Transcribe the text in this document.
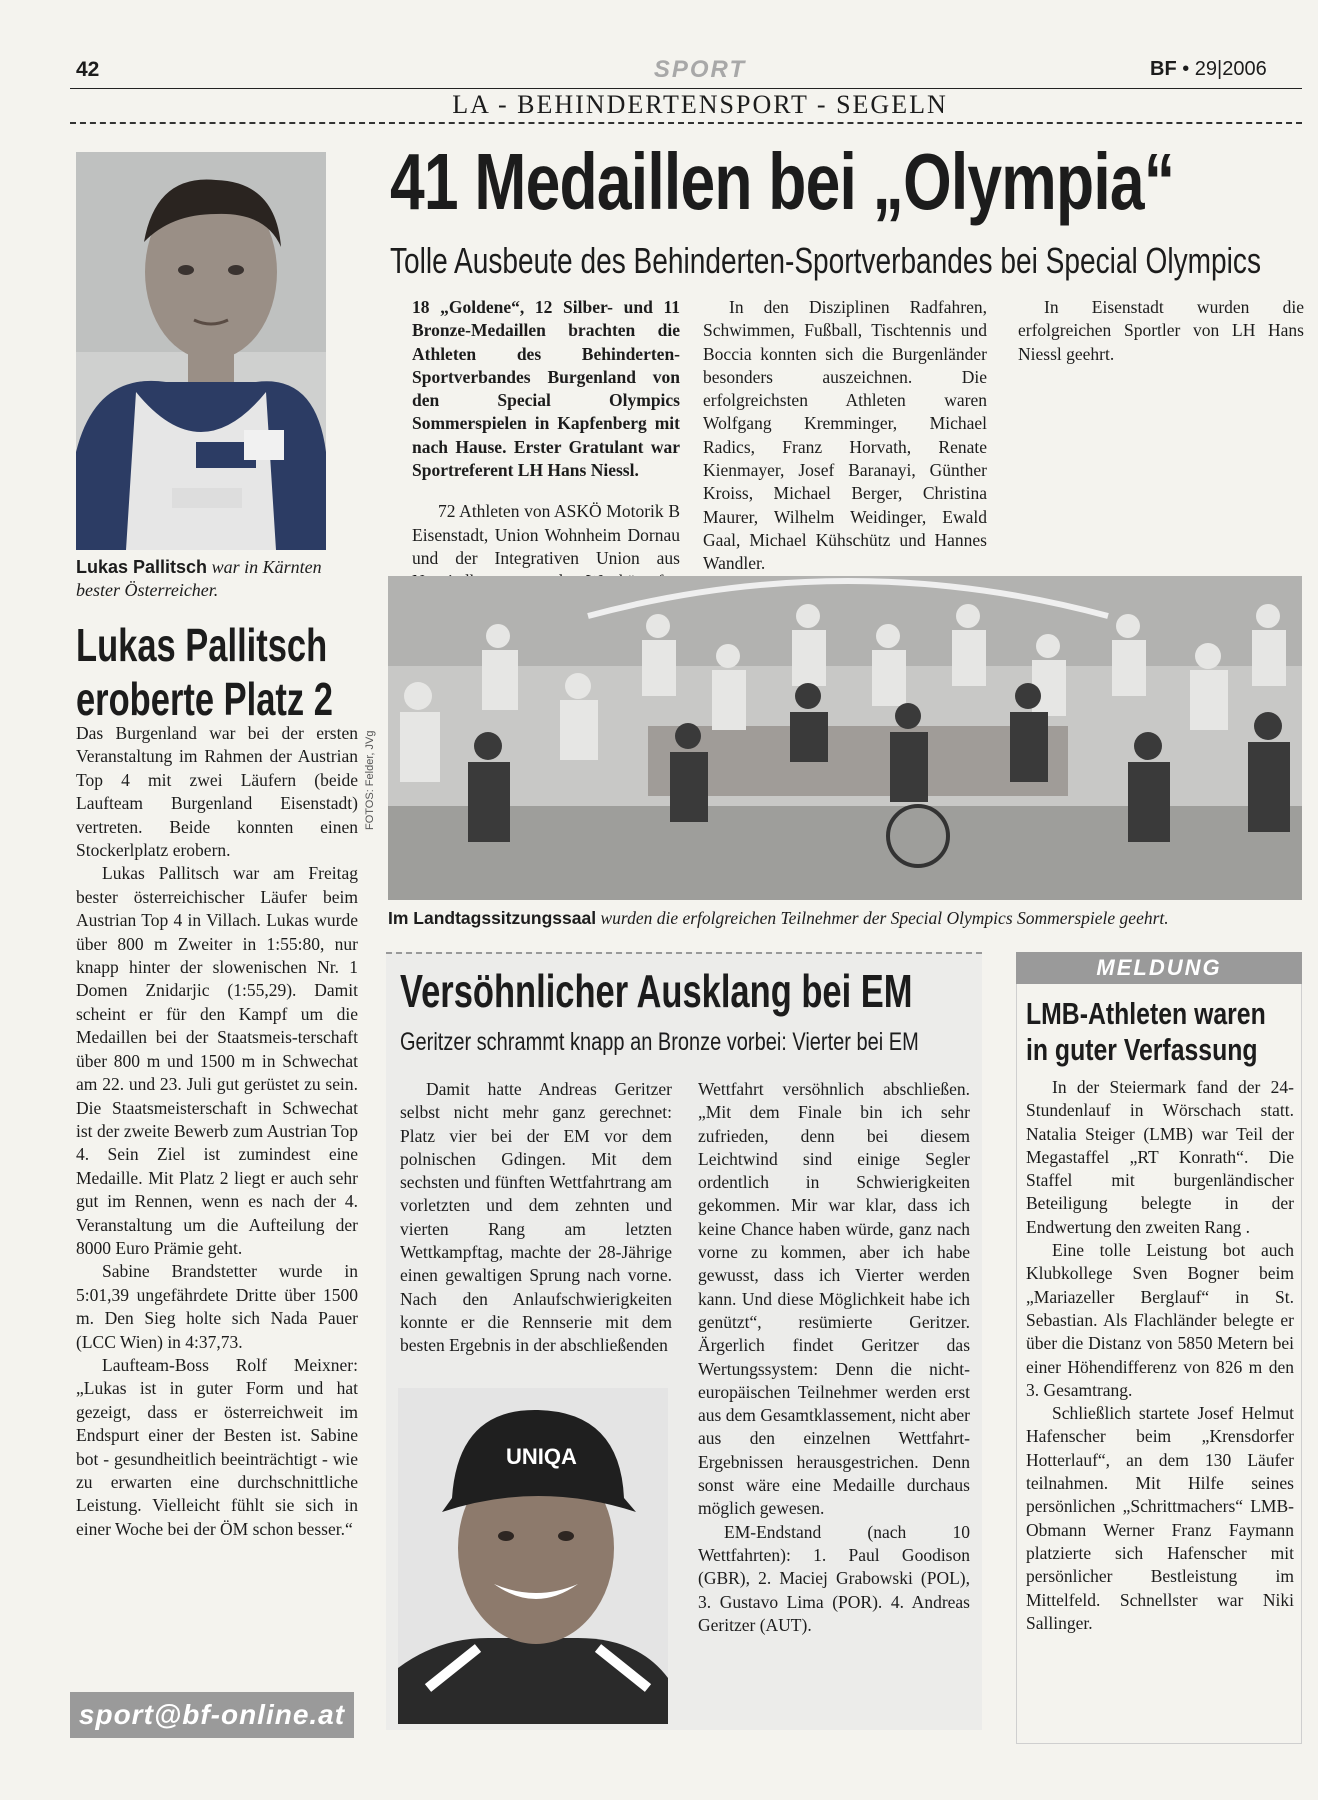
42	SPORT	BF • 29|2006
LA - BEHINDERTENSPORT - SEGELN
Lukas Pallitsch war in Kärnten bester Österreicher.
Lukas Pallitsch
eroberte Platz 2

Das Burgenland war bei der ersten Veranstaltung im Rahmen der Austrian Top 4 mit zwei Läufern (beide Laufteam Burgenland Eisenstadt) vertreten. Beide konnten einen Stockerlplatz erobern.

Lukas Pallitsch war am Freitag bester österreichischer Läufer beim Austrian Top 4 in Villach. Lukas wurde über 800 m Zweiter in 1:55:80, nur knapp hinter der slowenischen Nr. 1 Domen Znidarjic (1:55,29). Damit scheint er für den Kampf um die Medaillen bei der Staatsmeis-terschaft über 800 m und 1500 m in Schwechat am 22. und 23. Juli gut gerüstet zu sein. Die Staatsmeisterschaft in Schwechat ist der zweite Bewerb zum Austrian Top 4. Sein Ziel ist zumindest eine Medaille. Mit Platz 2 liegt er auch sehr gut im Rennen, wenn es nach der 4. Veranstaltung um die Aufteilung der 8000 Euro Prämie geht.

Sabine Brandstetter wurde in 5:01,39 ungefährdete Dritte über 1500 m. Den Sieg holte sich Nada Pauer (LCC Wien) in 4:37,73.

Laufteam-Boss Rolf Meixner: „Lukas ist in guter Form und hat gezeigt, dass er österreichweit im Endspurt einer der Besten ist. Sabine bot - gesundheitlich beeinträchtigt - wie zu erwarten eine durchschnittliche Leistung. Vielleicht fühlt sie sich in einer Woche bei der ÖM schon besser.“

sport@bf-online.at
41 Medaillen bei „Olympia“
Tolle Ausbeute des Behinderten-Sportverbandes bei Special Olympics

18 „Goldene“, 12 Silber- und 11 Bronze-Medaillen brachten die Athleten des Behinderten-Sportverbandes Burgenland von den Special Olympics Sommerspielen in Kapfenberg mit nach Hause. Erster Gratulant war Sportreferent LH Hans Niessl.

72 Athleten von ASKÖ Motorik B Eisenstadt, Union Wohnheim Dornau und der Integrativen Union aus

In den Disziplinen Radfahren, Schwimmen, Fußball, Tischtennis und Boccia konnten sich die Burgenländer besonders auszeichnen. Die erfolgreichsten Athleten waren Wolfgang Kremminger, Michael Radics, Franz Horvath, Renate Kienmayer, Josef Baranayi, Günther Kroiss, Michael Berger, Christina Maurer, Wilhelm Weidinger, Ewald Gaal, Michael Kühschütz und Hannes Wandler.

In Eisenstadt wurden die erfolgreichen Sportler von LH Hans Niessl geehrt.

FOTOS: Felder, JVg
Im Landtagssitzungssaal wurden die erfolgreichen Teilnehmer der Special Olympics Sommerspiele geehrt.
Versöhnlicher Ausklang bei EM
Geritzer schrammt knapp an Bronze vorbei: Vierter bei EM

Damit hatte Andreas Geritzer selbst nicht mehr ganz gerechnet: Platz vier bei der EM vor dem polnischen Gdingen. Mit dem sechsten und fünften Wettfahrtrang am vorletzten und dem zehnten und vierten Rang am letzten Wettkampftag, machte der 28-Jährige einen gewaltigen Sprung nach vorne. Nach den Anlaufschwierigkeiten konnte er die Rennserie mit dem besten Ergebnis in der abschließenden

UNIQA

Wettfahrt versöhnlich abschließen. „Mit dem Finale bin ich sehr zufrieden, denn bei diesem Leichtwind sind einige Segler ordentlich in Schwierigkeiten gekommen. Mir war klar, dass ich keine Chance haben würde, ganz nach vorne zu kommen, aber ich habe gewusst, dass ich Vierter werden kann. Und diese Möglichkeit habe ich genützt“, resümierte Geritzer. Ärgerlich findet Geritzer das Wertungssystem: Denn die nicht-europäischen Teilnehmer werden erst aus dem Gesamtklassement, nicht aber aus den einzelnen Wettfahrt-Ergebnissen herausgestrichen. Denn sonst wäre eine Medaille durchaus möglich gewesen.

EM-Endstand (nach 10 Wettfahrten): 1. Paul Goodison (GBR), 2. Maciej Grabowski (POL), 3. Gustavo Lima (POR). 4. Andreas Geritzer (AUT).

MELDUNG
LMB-Athleten waren
in guter Verfassung

In der Steiermark fand der 24-Stundenlauf in Wörschach statt. Natalia Steiger (LMB) war Teil der Megastaffel „RT Konrath“. Die Staffel mit burgenländischer Beteiligung belegte in der Endwertung den zweiten Rang .

Eine tolle Leistung bot auch Klubkollege Sven Bogner beim „Mariazeller Berglauf“ in St. Sebastian. Als Flachländer belegte er über die Distanz von 5850 Metern bei einer Höhendifferenz von 826 m den 3. Gesamtrang.

Schließlich startete Josef Helmut Hafenscher beim „Krensdorfer Hotterlauf“, an dem 130 Läufer teilnahmen. Mit Hilfe seines persönlichen „Schrittmachers“ LMB-Obmann Werner Franz Faymann platzierte sich Hafenscher mit persönlicher Bestleistung im Mittelfeld. Schnellster war Niki Sallinger.
